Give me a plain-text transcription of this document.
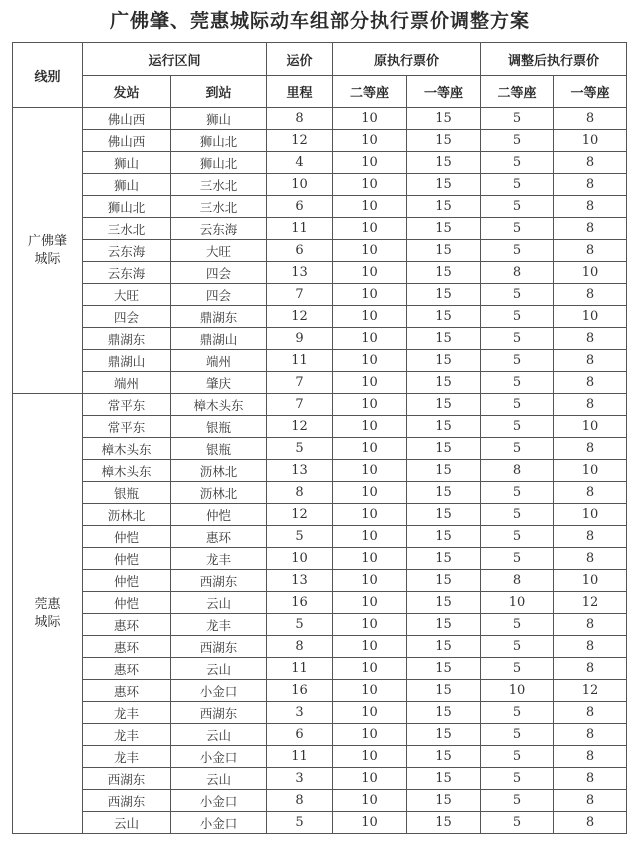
广佛肇、莞惠城际动车组部分执行票价调整方案
线别	运行区间		运价	原执行票价		调整后执行票价	
	发站	到站	里程	二等座	一等座	二等座	一等座

广佛肇
城际	佛山西	狮山	8	10	15	5	8
	佛山西	狮山北	12	10	15	5	10
	狮山	狮山北	4	10	15	5	8
	狮山	三水北	10	10	15	5	8
	狮山北	三水北	6	10	15	5	8
	三水北	云东海	11	10	15	5	8
	云东海	大旺	6	10	15	5	8
	云东海	四会	13	10	15	8	10
	大旺	四会	7	10	15	5	8
	四会	鼎湖东	12	10	15	5	10
	鼎湖东	鼎湖山	9	10	15	5	8
	鼎湖山	端州	11	10	15	5	8
	端州	肇庆	7	10	15	5	8

莞惠
城际	常平东	樟木头东	7	10	15	5	8
	常平东	银瓶	12	10	15	5	10
	樟木头东	银瓶	5	10	15	5	8
	樟木头东	沥林北	13	10	15	8	10
	银瓶	沥林北	8	10	15	5	8
	沥林北	仲恺	12	10	15	5	10
	仲恺	惠环	5	10	15	5	8
	仲恺	龙丰	10	10	15	5	8
	仲恺	西湖东	13	10	15	8	10
	仲恺	云山	16	10	15	10	12
	惠环	龙丰	5	10	15	5	8
	惠环	西湖东	8	10	15	5	8
	惠环	云山	11	10	15	5	8
	惠环	小金口	16	10	15	10	12
	龙丰	西湖东	3	10	15	5	8
	龙丰	云山	6	10	15	5	8
	龙丰	小金口	11	10	15	5	8
	西湖东	云山	3	10	15	5	8
	西湖东	小金口	8	10	15	5	8
	云山	小金口	5	10	15	5	8
